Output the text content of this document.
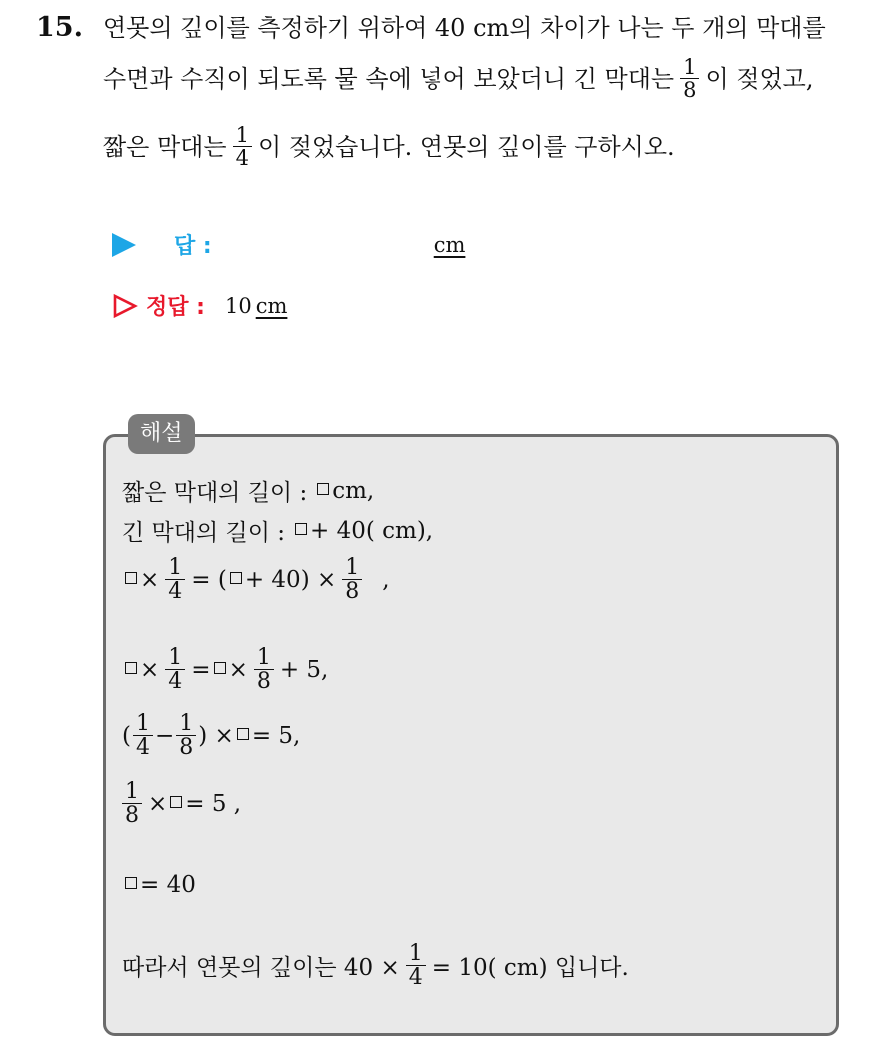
15. 연못의 깊이를 측정하기 위하여 40 cm의 차이가 나는 두 개의 막대를
수면과 수직이 되도록 물 속에 넣어 보았더니 긴 막대는 $\frac{1}{8}$ 이 젖었고,
짧은 막대는 $\frac{1}{4}$ 이 젖었습니다. 연못의 깊이를 구하시오.
답 :	cm
정답 : 10 cm
해설
짧은 막대의 길이 : cm,
긴 막대의 길이 : + 40( cm),
× $\frac{1}{4}$ = ( + $40) \times \frac{1}{8}$ ,
× $\frac{1}{4}$ = × $\frac{1}{8} + 5$,
( $\frac{1}{4} - \frac{1}{8}$ ) × = 5,
$\frac{1}{8}$ × = 5 ,
= 40
따라서 연못의 깊이는 $40 \times \frac{1}{4} = 10$( cm) 입니다.
